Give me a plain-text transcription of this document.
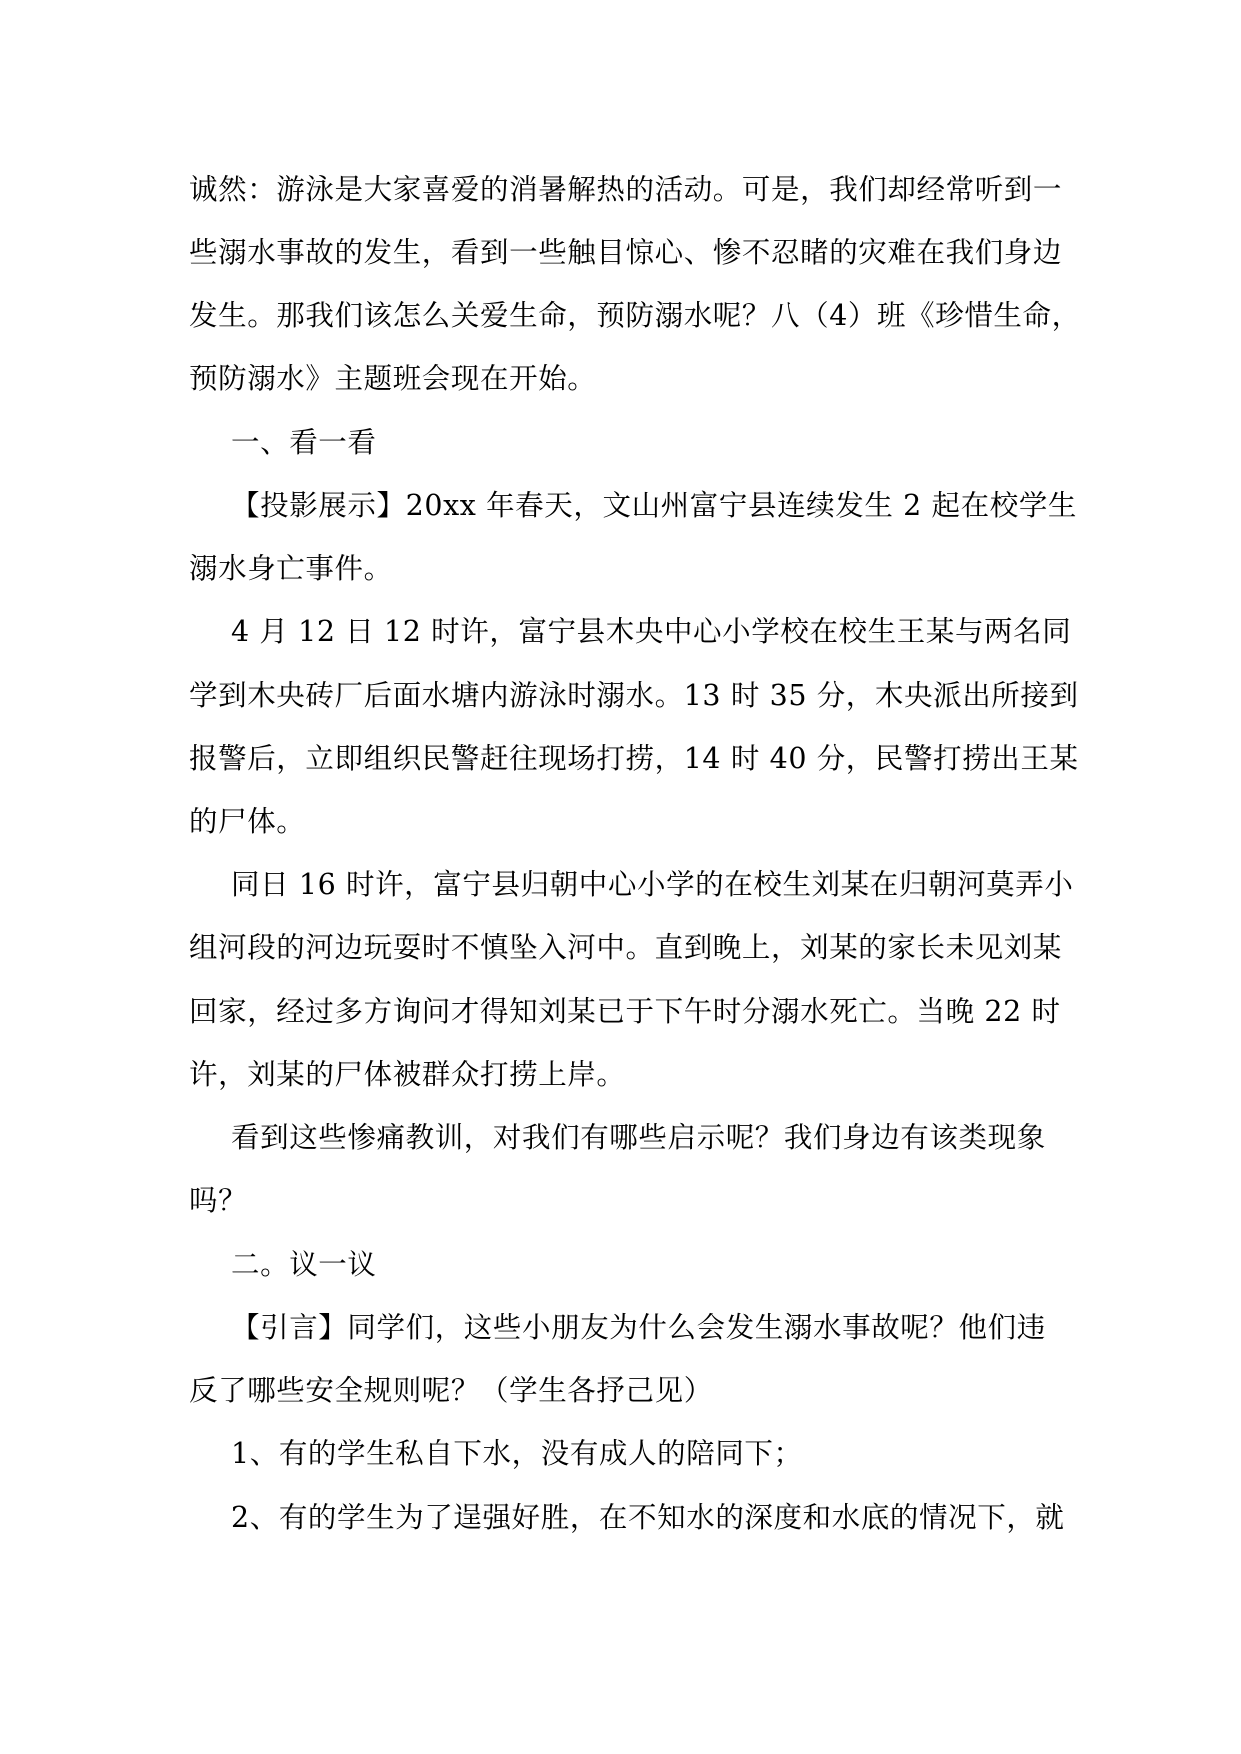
诚然：游泳是大家喜爱的消暑解热的活动。可是，我们却经常听到一
些溺水事故的发生，看到一些触目惊心、惨不忍睹的灾难在我们身边
发生。那我们该怎么关爱生命，预防溺水呢？八（4）班《珍惜生命，
预防溺水》主题班会现在开始。
一、看一看
【投影展示】20xx 年春天，文山州富宁县连续发生 2 起在校学生
溺水身亡事件。
4 月 12 日 12 时许，富宁县木央中心小学校在校生王某与两名同
学到木央砖厂后面水塘内游泳时溺水。13 时 35 分，木央派出所接到
报警后，立即组织民警赶往现场打捞，14 时 40 分，民警打捞出王某
的尸体。
同日 16 时许，富宁县归朝中心小学的在校生刘某在归朝河莫弄小
组河段的河边玩耍时不慎坠入河中。直到晚上，刘某的家长未见刘某
回家，经过多方询问才得知刘某已于下午时分溺水死亡。当晚 22 时
许，刘某的尸体被群众打捞上岸。
看到这些惨痛教训，对我们有哪些启示呢？我们身边有该类现象
吗？
二。议一议
【引言】同学们，这些小朋友为什么会发生溺水事故呢？他们违
反了哪些安全规则呢？（学生各抒己见）
1、有的学生私自下水，没有成人的陪同下；
2、有的学生为了逞强好胜，在不知水的深度和水底的情况下，就
